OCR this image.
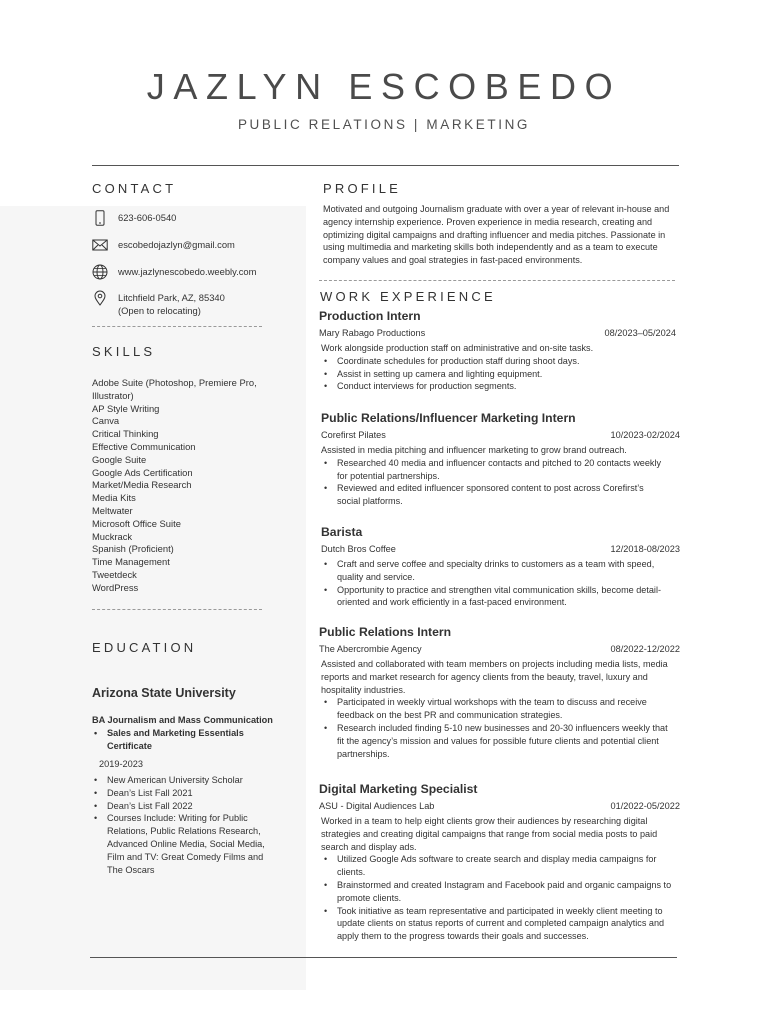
JAZLYN ESCOBEDO
PUBLIC RELATIONS | MARKETING
CONTACT
623-606-0540
escobedojazlyn@gmail.com
www.jazlynescobedo.weebly.com
Litchfield Park, AZ, 85340
(Open to relocating)
SKILLS
Adobe Suite (Photoshop, Premiere Pro, Illustrator)
AP Style Writing
Canva
Critical Thinking
Effective Communication
Google Suite
Google Ads Certification
Market/Media Research
Media Kits
Meltwater
Microsoft Office Suite
Muckrack
Spanish (Proficient)
Time Management
Tweetdeck
WordPress
EDUCATION
Arizona State University
BA Journalism and Mass Communication
• Sales and Marketing Essentials Certificate
2019-2023
• New American University Scholar
• Dean’s List Fall 2021
• Dean’s List Fall 2022
• Courses Include: Writing for Public Relations, Public Relations Research, Advanced Online Media, Social Media, Film and TV: Great Comedy Films and The Oscars
PROFILE

Motivated and outgoing Journalism graduate with over a year of relevant in-house and agency internship experience. Proven experience in media research, creating and optimizing digital campaigns and drafting influencer and media pitches. Passionate in using multimedia and marketing skills both independently and as a team to execute company values and goal strategies in fast-paced environments.

WORK EXPERIENCE
Production Intern
Mary Rabago Productions	08/2023–05/2024
Work alongside production staff on administrative and on-site tasks.
• Coordinate schedules for production staff during shoot days.
• Assist in setting up camera and lighting equipment.
• Conduct interviews for production segments.
Public Relations/Influencer Marketing Intern
Corefirst Pilates	10/2023-02/2024
Assisted in media pitching and influencer marketing to grow brand outreach.
• Researched 40 media and influencer contacts and pitched to 20 contacts weekly for potential partnerships.
• Reviewed and edited influencer sponsored content to post across Corefirst’s social platforms.
Barista
Dutch Bros Coffee	12/2018-08/2023
• Craft and serve coffee and specialty drinks to customers as a team with speed, quality and service.
• Opportunity to practice and strengthen vital communication skills, become detail-oriented and work efficiently in a fast-paced environment.
Public Relations Intern
The Abercrombie Agency	08/2022-12/2022
Assisted and collaborated with team members on projects including media lists, media reports and market research for agency clients from the beauty, travel, luxury and hospitality industries.
• Participated in weekly virtual workshops with the team to discuss and receive feedback on the best PR and communication strategies.
• Research included finding 5-10 new businesses and 20-30 influencers weekly that fit the agency’s mission and values for possible future clients and potential client partnerships.
Digital Marketing Specialist
ASU - Digital Audiences Lab	01/2022-05/2022
Worked in a team to help eight clients grow their audiences by researching digital strategies and creating digital campaigns that range from social media posts to paid search and display ads.
• Utilized Google Ads software to create search and display media campaigns for clients.
• Brainstormed and created Instagram and Facebook paid and organic campaigns to promote clients.
• Took initiative as team representative and participated in weekly client meeting to update clients on status reports of current and completed campaign analytics and apply them to the progress towards their goals and successes.
